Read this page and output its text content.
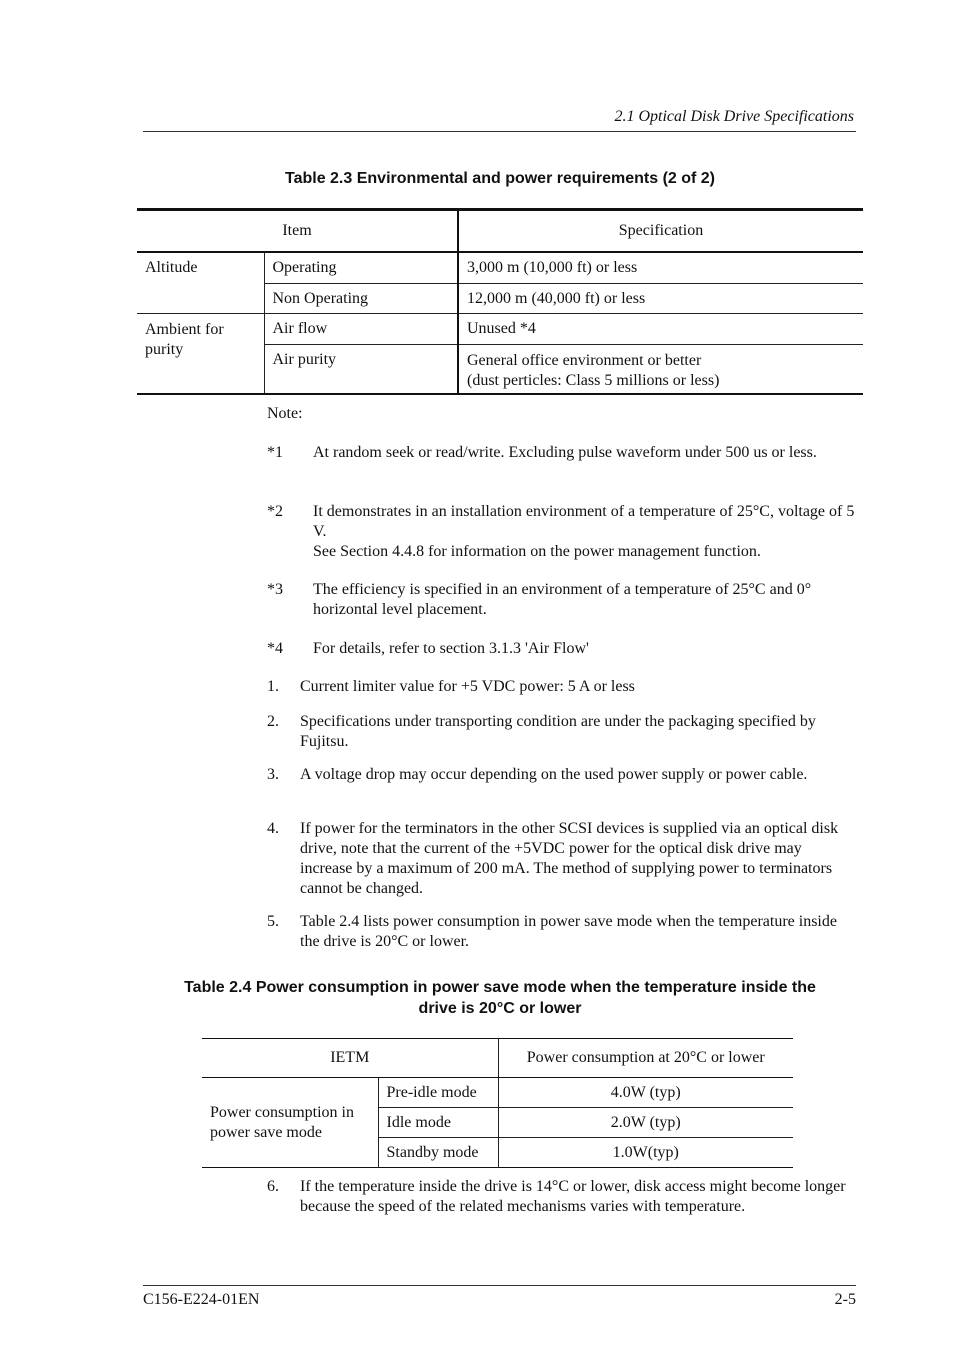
2.1 Optical Disk Drive Specifications
Table 2.3 Environmental and power requirements (2 of 2)
Item		Specification
Altitude	Operating	3,000 m (10,000 ft) or less
	Non Operating	12,000 m (40,000 ft) or less
Ambient for purity	Air flow	Unused *4
	Air purity	General office environment or better
(dust perticles: Class 5 millions or less)
Note:
*1 At random seek or read/write. Excluding pulse waveform under 500 us or less.
*2 It demonstrates in an installation environment of a temperature of 25°C, voltage of 5 V.
See Section 4.4.8 for information on the power management function.
*3 The efficiency is specified in an environment of a temperature of 25°C and 0° horizontal level placement.
*4 For details, refer to section 3.1.3 'Air Flow'
1. Current limiter value for +5 VDC power: 5 A or less
2. Specifications under transporting condition are under the packaging specified by Fujitsu.
3. A voltage drop may occur depending on the used power supply or power cable.
4. If power for the terminators in the other SCSI devices is supplied via an optical disk drive, note that the current of the +5VDC power for the optical disk drive may increase by a maximum of 200 mA. The method of supplying power to terminators cannot be changed.
5. Table 2.4 lists power consumption in power save mode when the temperature inside the drive is 20°C or lower.
Table 2.4 Power consumption in power save mode when the temperature inside the
drive is 20°C or lower
IETM		Power consumption at 20°C or lower
Power consumption in power save mode	Pre-idle mode	4.0W (typ)
	Idle mode	2.0W (typ)
	Standby mode	1.0W(typ)
6. If the temperature inside the drive is 14°C or lower, disk access might become longer because the speed of the related mechanisms varies with temperature.
C156-E224-01EN	2-5
